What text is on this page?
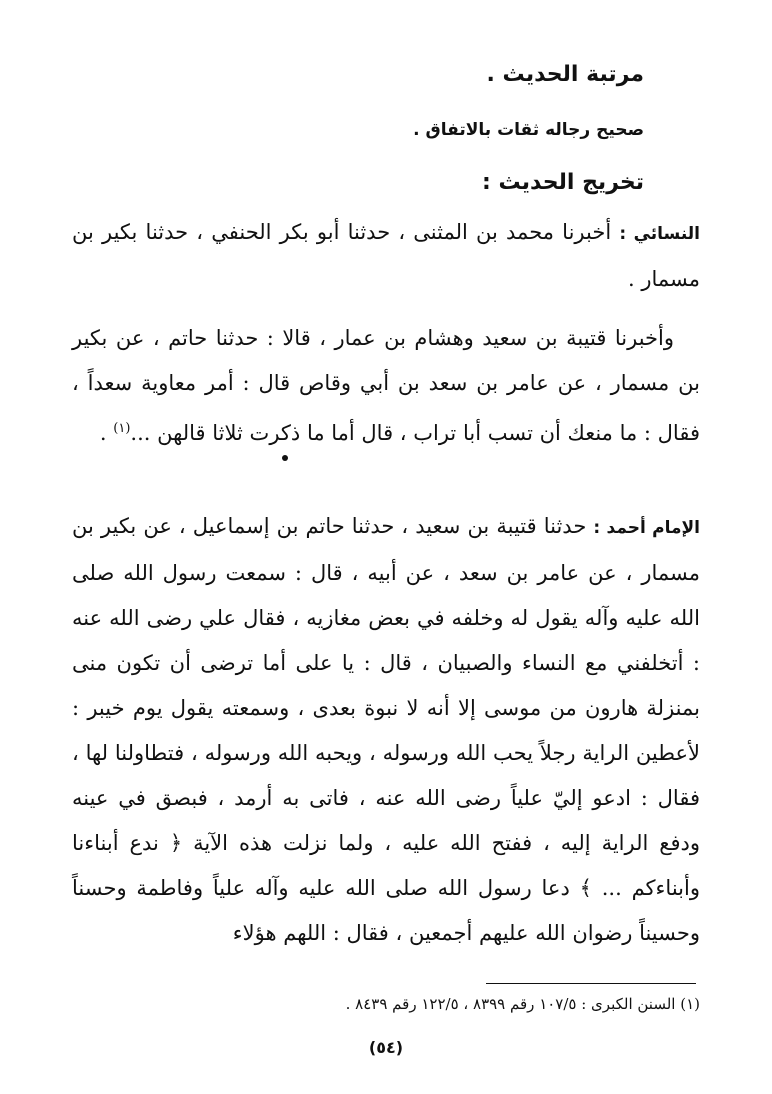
مرتبة الحديث .
صحيح رجاله ثقات بالاتفاق .
تخريج الحديث :
النسائي : أخبرنا محمد بن المثنى ، حدثنا أبو بكر الحنفي ، حدثنا بكير بن مسمار .
وأخبرنا قتيبة بن سعيد وهشام بن عمار ، قالا : حدثنا حاتم ، عن بكير بن مسمار ، عن عامر بن سعد بن أبي وقاص قال : أمر معاوية سعداً ، فقال : ما منعك أن تسب أبا تراب ، قال أما ما ذكرت ثلاثا قالهن ...$^{(١)}$ .
الإمام أحمد : حدثنا قتيبة بن سعيد ، حدثنا حاتم بن إسماعيل ، عن بكير بن مسمار ، عن عامر بن سعد ، عن أبيه ، قال : سمعت رسول الله صلى الله عليه وآله يقول له وخلفه في بعض مغازيه ، فقال علي رضى الله عنه : أتخلفني مع النساء والصبيان ، قال : يا على أما ترضى أن تكون منى بمنزلة هارون من موسى إلا أنه لا نبوة بعدى ، وسمعته يقول يوم خيبر : لأعطين الراية رجلاً يحب الله ورسوله ، ويحبه الله ورسوله ، فتطاولنا لها ، فقال : ادعو إليّ علياً رضى الله عنه ، فاتى به أرمد ، فبصق في عينه ودفع الراية إليه ، ففتح الله عليه ، ولما نزلت هذه الآية ﴿ ندع أبناءنا وأبناءكم ... ﴾ دعا رسول الله صلى الله عليه وآله علياً وفاطمة وحسناً وحسيناً رضوان الله عليهم أجمعين ، فقال : اللهم هؤلاء
(١) السنن الكبرى : ١٠٧/٥ رقم ٨٣٩٩ ، ١٢٢/٥ رقم ٨٤٣٩ .
(٥٤)
